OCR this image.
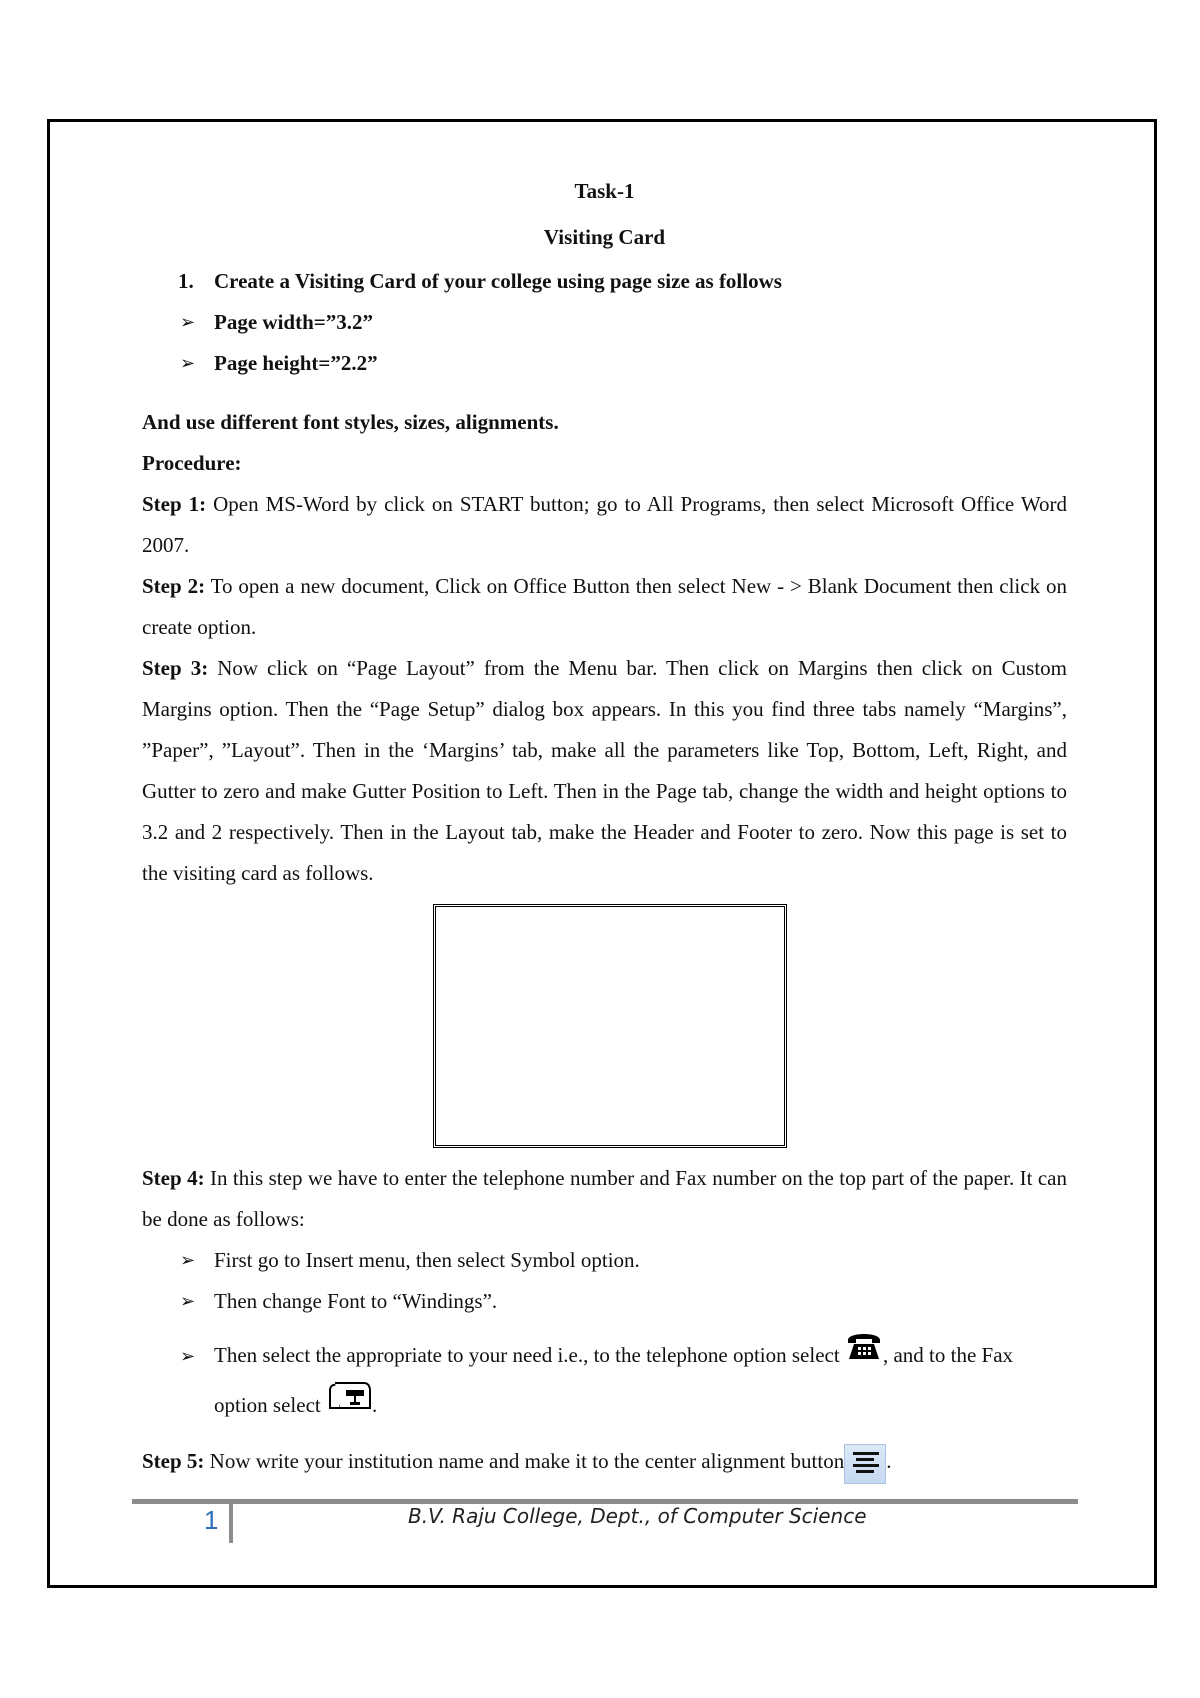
Task-1

Visiting Card

1. Create a Visiting Card of your college using page size as follows
➢ Page width=”3.2”
➢ Page height=”2.2”

And use different font styles, sizes, alignments.

Procedure:

Step 1: Open MS-Word by click on START button; go to All Programs, then select Microsoft Office Word 2007.

Step 2: To open a new document, Click on Office Button then select New - > Blank Document then click on create option.

Step 3: Now click on “Page Layout” from the Menu bar. Then click on Margins then click on Custom Margins option. Then the “Page Setup” dialog box appears. In this you find three tabs namely “Margins”, ”Paper”, ”Layout”. Then in the ‘Margins’ tab, make all the parameters like Top, Bottom, Left, Right, and Gutter to zero and make Gutter Position to Left. Then in the Page tab, change the width and height options to 3.2 and 2 respectively. Then in the Layout tab, make the Header and Footer to zero. Now this page is set to the visiting card as follows.

Step 4: In this step we have to enter the telephone number and Fax number on the top part of the paper. It can be done as follows:

➢ First go to Insert menu, then select Symbol option.
➢ Then change Font to “Windings”.
➢ Then select the appropriate to your need i.e., to the telephone option select , and to the Fax option select .

Step 5: Now write your institution name and make it to the center alignment button .

1	B.V. Raju College, Dept., of Computer Science
